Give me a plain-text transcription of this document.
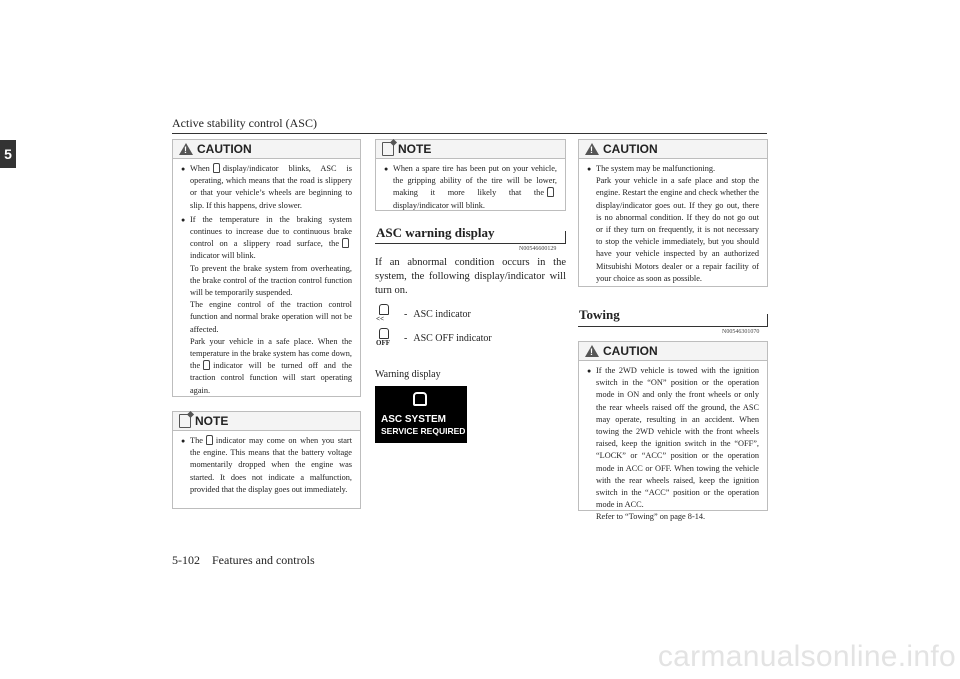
Active stability control (ASC)
5	! CAUTION
● When display/indicator blinks, ASC is operating, which means that the road is slippery or that your vehicle’s wheels are beginning to slip. If this happens, drive slower.
● If the temperature in the braking system continues to increase due to continuous brake control on a slippery road surface, the indicator will blink.
To prevent the brake system from overheating, the brake control of the traction control function will be temporarily suspended.
The engine control of the traction control function and normal brake operation will not be affected.
Park your vehicle in a safe place. When the temperature in the brake system has come down, the indicator will be turned off and the traction control function will start operating again.
NOTE
● The indicator may come on when you start the engine. This means that the battery voltage momentarily dropped when the engine was started. It does not indicate a malfunction, provided that the display goes out immediately.
NOTE
● When a spare tire has been put on your vehicle, the gripping ability of the tire will be lower, making it more likely that thedisplay/indicator will blink.
ASC warning display
N00546600129
If an abnormal condition occurs in the system, the following display/indicator will turn on.
<< - ASC indicator
OFF - ASC OFF indicator
Warning display
ASC SYSTEM
SERVICE REQUIRED
! CAUTION
● The system may be malfunctioning.
Park your vehicle in a safe place and stop the engine. Restart the engine and check whether the display/indicator goes out. If they go out, there is no abnormal condition. If they do not go out or if they turn on frequently, it is not necessary to stop the vehicle immediately, but you should have your vehicle inspected by an authorized Mitsubishi Motors dealer or a repair facility of your choice as soon as possible.
Towing
N00546301070
! CAUTION
● If the 2WD vehicle is towed with the ignition switch in the “ON” position or the operation mode in ON and only the front wheels or only the rear wheels raised off the ground, the ASC may operate, resulting in an accident. When towing the 2WD vehicle with the front wheels raised, keep the ignition switch in the “OFF”, “LOCK” or “ACC” position or the operation mode in ACC or OFF. When towing the vehicle with the rear wheels raised, keep the ignition switch in the “ACC” position or the operation mode in ACC.
Refer to “Towing” on page 8-14.
5-102 Features and controls
carmanualsonline.info
